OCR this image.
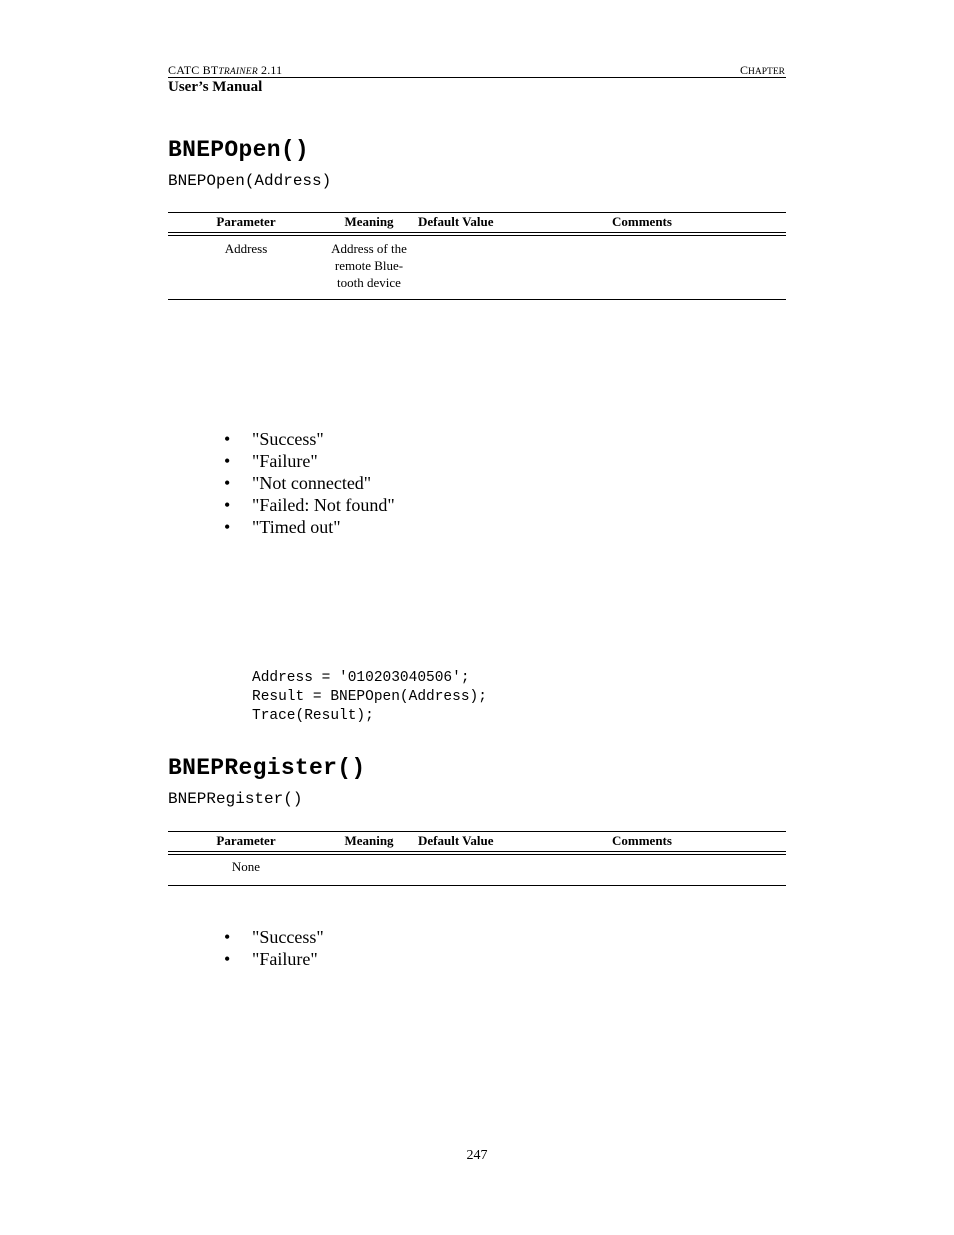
CATC BTTRAINER 2.11	CHAPTER
User’s Manual
BNEPOpen()
BNEPOpen(Address)
Parameter	Meaning	Default Value	Comments
Address	Address of the
remote Blue-
tooth device
• "Success"
• "Failure"
• "Not connected"
• "Failed: Not found"
• "Timed out"
Address = '010203040506';
Result = BNEPOpen(Address);
Trace(Result);
BNEPRegister()
BNEPRegister()
Parameter	Meaning	Default Value	Comments
None
• "Success"
• "Failure"
247
